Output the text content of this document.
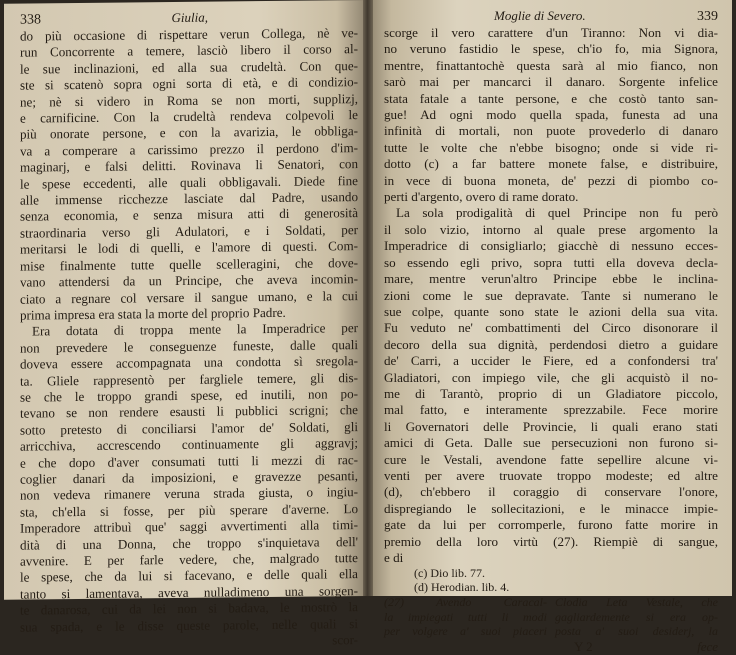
338	Giulia,
do più occasione di rispettare verun Collega, nè ve-
run Concorrente a temere, lasciò libero il corso al-
le sue inclinazioni, ed alla sua crudeltà. Con que-
ste si scatenò sopra ogni sorta di età, e di condizio-
ne; nè si videro in Roma se non morti, supplizj,
e carnificine. Con la crudeltà rendeva colpevoli le
più onorate persone, e con la avarizia, le obbliga-
va a comperare a carissimo prezzo il perdono d'im-
maginarj, e falsi delitti. Rovinava li Senatori, con
le spese eccedenti, alle quali obbligavali. Diede fine
alle immense ricchezze lasciate dal Padre, usando
senza economia, e senza misura atti di generosità
straordinaria verso gli Adulatori, e i Soldati, per
meritarsi le lodi di quelli, e l'amore di questi. Com-
mise finalmente tutte quelle scelleragini, che dove-
vano attendersi da un Principe, che aveva incomin-
ciato a regnare col versare il sangue umano, e la cui
prima impresa era stata la morte del proprio Padre.
Era dotata di troppa mente la Imperadrice per
non prevedere le conseguenze funeste, dalle quali
doveva essere accompagnata una condotta sì sregola-
ta. Gliele rappresentò per fargliele temere, gli dis-
se che le troppo grandi spese, ed inutili, non po-
tevano se non rendere esausti li pubblici scrigni; che
sotto pretesto di conciliarsi l'amor de' Soldati, gli
arricchiva, accrescendo continuamente gli aggravj;
e che dopo d'aver consumati tutti li mezzi di rac-
coglier danari da imposizioni, e gravezze pesanti,
non vedeva rimanere veruna strada giusta, o ingiu-
sta, ch'ella si fosse, per più sperare d'averne. Lo
Imperadore attribuì que' saggi avvertimenti alla timi-
dità di una Donna, che troppo s'inquietava dell'
avvenire. E per farle vedere, che, malgrado tutte
le spese, che da lui si facevano, e delle quali ella
tanto si lamentava, aveva nulladimeno una sorgen-
te danarosa, cui da lei non si badava, le mostrò la
sua spada, e le disse queste parole, nelle quali si
scor-
Moglie di Severo.	339
scorge il vero carattere d'un Tiranno: Non vi dia-
no veruno fastidio le spese, ch'io fo, mia Signora,
mentre, finattantochè questa sarà al mio fianco, non
sarò mai per mancarci il danaro. Sorgente infelice
stata fatale a tante persone, e che costò tanto san-
gue! Ad ogni modo quella spada, funesta ad una
infinità di mortali, non puote provederlo di danaro
tutte le volte che n'ebbe bisogno; onde si vide ri-
dotto (c) a far battere monete false, e distribuire,
in vece di buona moneta, de' pezzi di piombo co-
perti d'argento, overo di rame dorato.
La sola prodigalità di quel Principe non fu però
il solo vizio, intorno al quale prese argomento la
Imperadrice di consigliarlo; giacchè di nessuno ecces-
so essendo egli privo, sopra tutti ella doveva decla-
mare, mentre verun'altro Principe ebbe le inclina-
zioni come le sue depravate. Tante si numerano le
sue colpe, quante sono state le azioni della sua vita.
Fu veduto ne' combattimenti del Circo disonorare il
decoro della sua dignità, perdendosi dietro a guidare
de' Carri, a uccider le Fiere, ed a confondersi tra'
Gladiatori, con impiego vile, che gli acquistò il no-
me di Tarantò, proprio di un Gladiatore piccolo,
mal fatto, e interamente sprezzabile. Fece morire
li Governatori delle Provincie, li quali erano stati
amici di Geta. Dalle sue persecuzioni non furono si-
cure le Vestali, avendone fatte sepellire alcune vi-
venti per avere truovate troppo modeste; ed altre
(d), ch'ebbero il coraggio di conservare l'onore,
dispregiando le sollecitazioni, e le minacce impie-
gate da lui per corromperle, furono fatte morire in
premio della loro virtù (27). Riempiè di sangue,
e di
(c) Dio lib. 77.
(d) Herodian. lib. 4.
(27) Avendo Caracal-
la impiegati tutti li modi
per volgere a' suoi piaceri
Clodia Leta Vestale, che
gagliardemente si era op-
posta a' suoi desiderj, la
Y 2	fece
